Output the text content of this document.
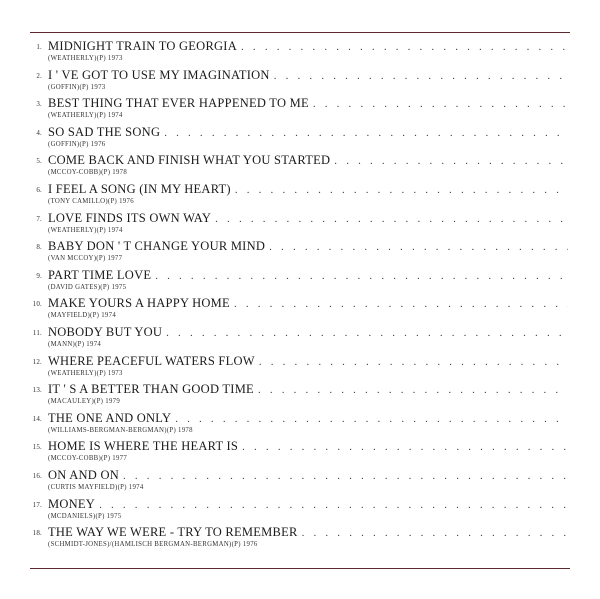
1. MIDNIGHT TRAIN TO GEORGIA
. . .
(WEATHERLY)(P) 1973
2. I ' VE GOT TO USE MY IMAGINATION
. . .
(GOFFIN)(P) 1973
3. BEST THING THAT EVER HAPPENED TO ME
. . .
(WEATHERLY)(P) 1974
4. SO SAD THE SONG
. . .
(GOFFIN)(P) 1976
5. COME BACK AND FINISH WHAT YOU STARTED
. . .
(MCCOY-COBB)(P) 1978
6. I FEEL A SONG (IN MY HEART)
. . .
(TONY CAMILLO)(P) 1976
7. LOVE FINDS ITS OWN WAY
. . .
(WEATHERLY)(P) 1974
8. BABY DON ' T CHANGE YOUR MIND
. . .
(VAN MCCOY)(P) 1977
9. PART TIME LOVE
. . .
(DAVID GATES)(P) 1975
10. MAKE YOURS A HAPPY HOME
. . .
(MAYFIELD)(P) 1974
11. NOBODY BUT YOU
. . .
(MANN)(P) 1974
12. WHERE PEACEFUL WATERS FLOW
. . .
(WEATHERLY)(P) 1973
13. IT ' S A BETTER THAN GOOD TIME
. . .
(MACAULEY)(P) 1979
14. THE ONE AND ONLY
. . .
(WILLIAMS-BERGMAN-BERGMAN)(P) 1978
15. HOME IS WHERE THE HEART IS
. . .
(MCCOY-COBB)(P) 1977
16. ON AND ON
. . .
(CURTIS MAYFIELD)(P) 1974
17. MONEY
. . .
(MCDANIELS)(P) 1975
18. THE WAY WE WERE - TRY TO REMEMBER
. . .
(SCHMIDT-JONES)/(HAMLISCH BERGMAN-BERGMAN)(P) 1976
